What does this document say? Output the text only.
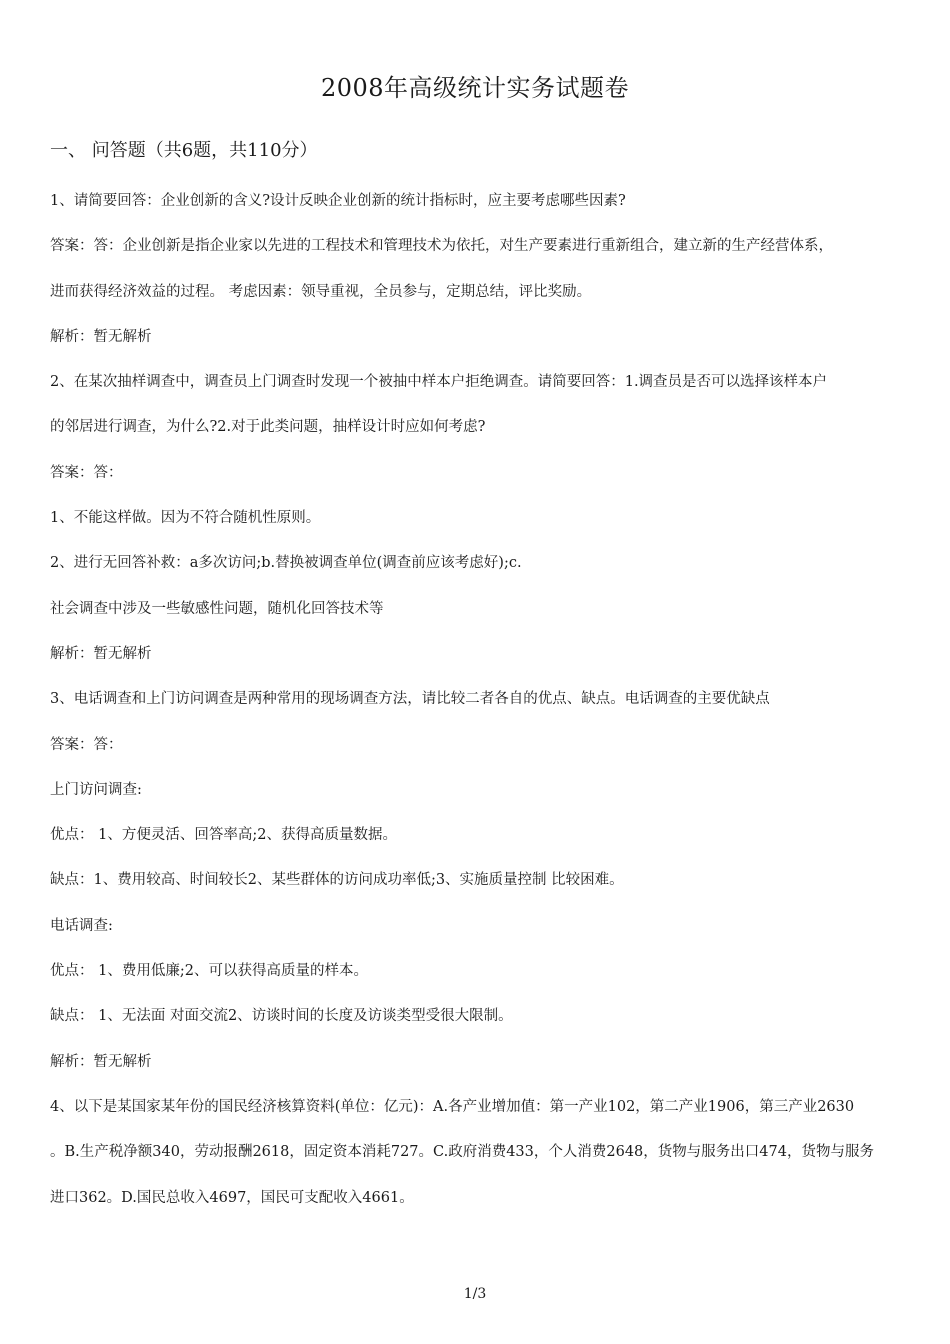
2008年高级统计实务试题卷
一、 问答题（共6题，共110分）
1、请简要回答：企业创新的含义?设计反映企业创新的统计指标时，应主要考虑哪些因素?
答案：答：企业创新是指企业家以先进的工程技术和管理技术为依托，对生产要素进行重新组合，建立新的生产经营体系，
进而获得经济效益的过程。 考虑因素：领导重视，全员参与，定期总结，评比奖励。
解析：暂无解析
2、在某次抽样调查中，调查员上门调查时发现一个被抽中样本户拒绝调查。请简要回答：1.调查员是否可以选择该样本户
的邻居进行调查，为什么?2.对于此类问题，抽样设计时应如何考虑?
答案：答：
1、不能这样做。因为不符合随机性原则。
2、进行无回答补救：a多次访问;b.替换被调查单位(调查前应该考虑好);c.
社会调查中涉及一些敏感性问题，随机化回答技术等
解析：暂无解析
3、电话调查和上门访问调查是两种常用的现场调查方法，请比较二者各自的优点、缺点。电话调查的主要优缺点
答案：答：
上门访问调查:
优点： 1、方便灵活、回答率高;2、获得高质量数据。
缺点：1、费用较高、时间较长2、某些群体的访问成功率低;3、实施质量控制 比较困难。
电话调查:
优点： 1、费用低廉;2、可以获得高质量的样本。
缺点： 1、无法面 对面交流2、访谈时间的长度及访谈类型受很大限制。
解析：暂无解析
4、以下是某国家某年份的国民经济核算资料(单位：亿元)：A.各产业增加值：第一产业102，第二产业1906，第三产业2630
。B.生产税净额340，劳动报酬2618，固定资本消耗727。C.政府消费433，个人消费2648，货物与服务出口474，货物与服务
进口362。D.国民总收入4697，国民可支配收入4661。
1/3
